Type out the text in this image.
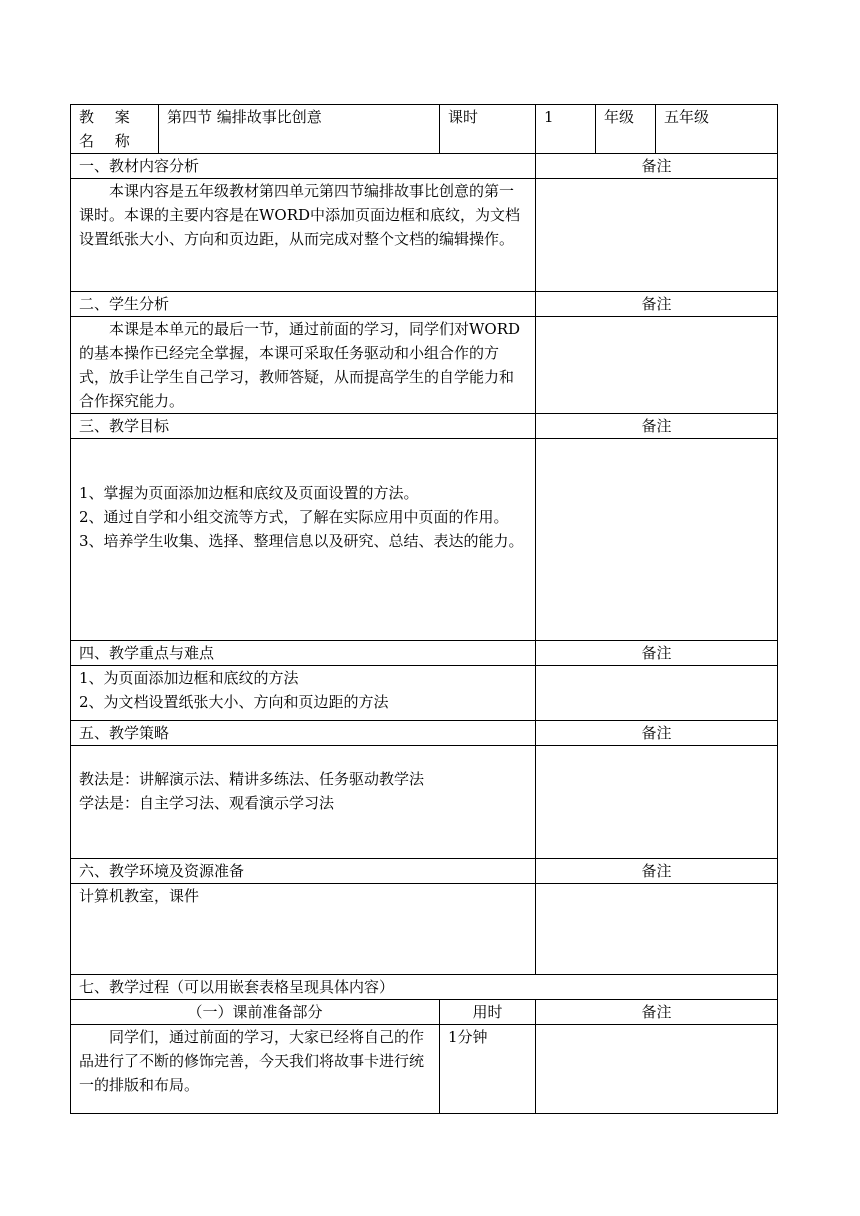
教 案 名 称	第四节 编排故事比创意	课时	1	年级	五年级
一、教材内容分析			备注		

本课内容是五年级教材第四单元第四节编排故事比创意的第一课时。本课的主要内容是在WORD中添加页面边框和底纹，为文档设置纸张大小、方向和页边距，从而完成对整个文档的编辑操作。					

二、学生分析			备注		

本课是本单元的最后一节，通过前面的学习，同学们对WORD的基本操作已经完全掌握，本课可采取任务驱动和小组合作的方式，放手让学生自己学习，教师答疑，从而提高学生的自学能力和合作探究能力。					

三、教学目标			备注		

1、掌握为页面添加边框和底纹及页面设置的方法。

2、通过自学和小组交流等方式，了解在实际应用中页面的作用。

3、培养学生收集、选择、整理信息以及研究、总结、表达的能力。					

四、教学重点与难点			备注		

1、为页面添加边框和底纹的方法

2、为文档设置纸张大小、方向和页边距的方法					

五、教学策略			备注		

教法是：讲解演示法、精讲多练法、任务驱动教学法

学法是：自主学习法、观看演示学习法					

六、教学环境及资源准备			备注		

计算机教室，课件					

七、教学过程（可以用嵌套表格呈现具体内容）					
（一）课前准备部分		用时	备注		

同学们，通过前面的学习，大家已经将自己的作品进行了不断的修饰完善，今天我们将故事卡进行统一的排版和布局。		1分钟			
